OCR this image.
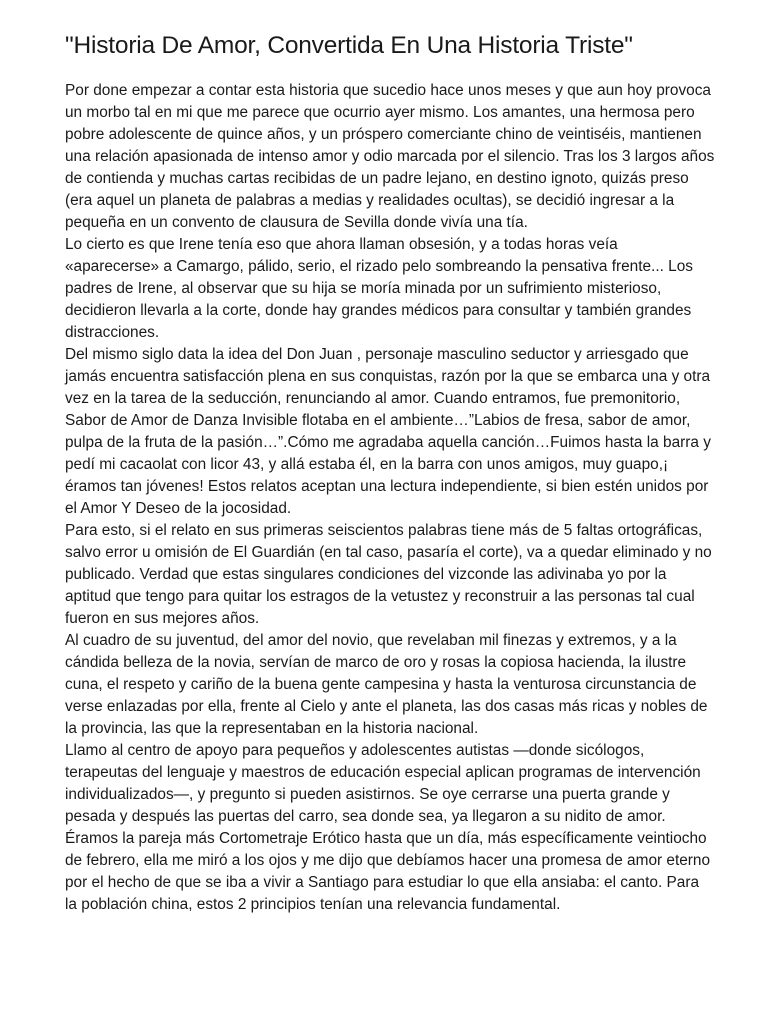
"Historia De Amor, Convertida En Una Historia Triste"

Por done empezar a contar esta historia que sucedio hace unos meses y que aun hoy provoca un morbo tal en mi que me parece que ocurrio ayer mismo. Los amantes, una hermosa pero pobre adolescente de quince años, y un próspero comerciante chino de veintiséis, mantienen una relación apasionada de intenso amor y odio marcada por el silencio. Tras los 3 largos años de contienda y muchas cartas recibidas de un padre lejano, en destino ignoto, quizás preso (era aquel un planeta de palabras a medias y realidades ocultas), se decidió ingresar a la pequeña en un convento de clausura de Sevilla donde vivía una tía.

Lo cierto es que Irene tenía eso que ahora llaman obsesión, y a todas horas veía «aparecerse» a Camargo, pálido, serio, el rizado pelo sombreando la pensativa frente... Los padres de Irene, al observar que su hija se moría minada por un sufrimiento misterioso, decidieron llevarla a la corte, donde hay grandes médicos para consultar y también grandes distracciones.

Del mismo siglo data la idea del Don Juan , personaje masculino seductor y arriesgado que jamás encuentra satisfacción plena en sus conquistas, razón por la que se embarca una y otra vez en la tarea de la seducción, renunciando al amor. Cuando entramos, fue premonitorio, Sabor de Amor de Danza Invisible flotaba en el ambiente…”Labios de fresa, sabor de amor, pulpa de la fruta de la pasión…”.Cómo me agradaba aquella canción…Fuimos hasta la barra y pedí mi cacaolat con licor 43, y allá estaba él, en la barra con unos amigos, muy guapo,¡ éramos tan jóvenes! Estos relatos aceptan una lectura independiente, si bien estén unidos por el Amor Y Deseo de la jocosidad.

Para esto, si el relato en sus primeras seiscientos palabras tiene más de 5 faltas ortográficas, salvo error u omisión de El Guardián (en tal caso, pasaría el corte), va a quedar eliminado y no publicado. Verdad que estas singulares condiciones del vizconde las adivinaba yo por la aptitud que tengo para quitar los estragos de la vetustez y reconstruir a las personas tal cual fueron en sus mejores años.

Al cuadro de su juventud, del amor del novio, que revelaban mil finezas y extremos, y a la cándida belleza de la novia, servían de marco de oro y rosas la copiosa hacienda, la ilustre cuna, el respeto y cariño de la buena gente campesina y hasta la venturosa circunstancia de verse enlazadas por ella, frente al Cielo y ante el planeta, las dos casas más ricas y nobles de la provincia, las que la representaban en la historia nacional.

Llamo al centro de apoyo para pequeños y adolescentes autistas —donde sicólogos, terapeutas del lenguaje y maestros de educación especial aplican programas de intervención individualizados—, y pregunto si pueden asistirnos. Se oye cerrarse una puerta grande y pesada y después las puertas del carro, sea donde sea, ya llegaron a su nidito de amor. Éramos la pareja más Cortometraje Erótico hasta que un día, más específicamente veintiocho de febrero, ella me miró a los ojos y me dijo que debíamos hacer una promesa de amor eterno por el hecho de que se iba a vivir a Santiago para estudiar lo que ella ansiaba: el canto. Para la población china, estos 2 principios tenían una relevancia fundamental.
